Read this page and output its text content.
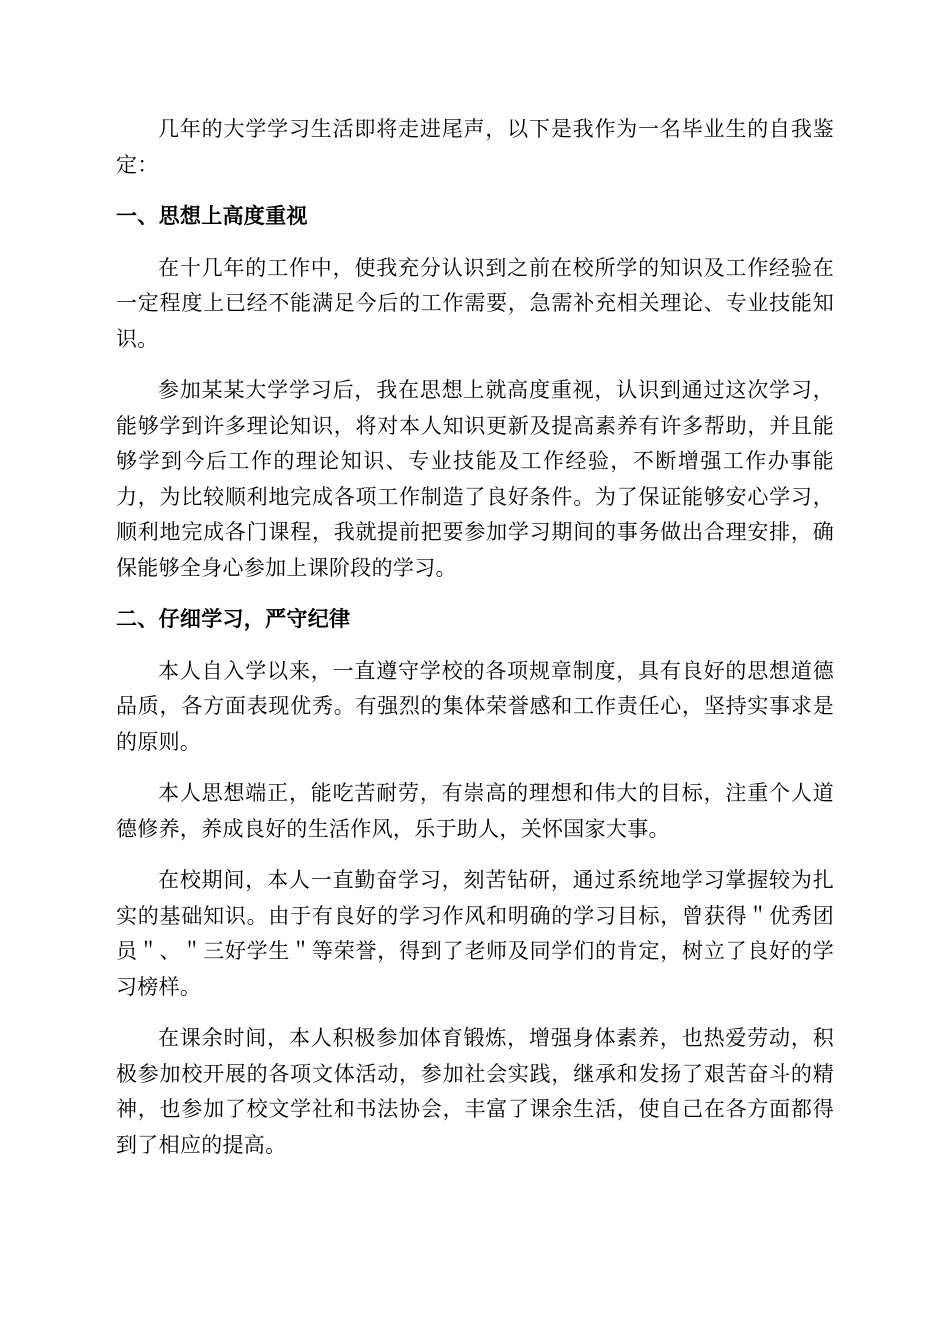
几年的大学学习生活即将走进尾声，以下是我作为一名毕业生的自我鉴定：

一、思想上高度重视

在十几年的工作中，使我充分认识到之前在校所学的知识及工作经验在一定程度上已经不能满足今后的工作需要，急需补充相关理论、专业技能知识。

参加某某大学学习后，我在思想上就高度重视，认识到通过这次学习，能够学到许多理论知识，将对本人知识更新及提高素养有许多帮助，并且能够学到今后工作的理论知识、专业技能及工作经验，不断增强工作办事能力，为比较顺利地完成各项工作制造了良好条件。为了保证能够安心学习，顺利地完成各门课程，我就提前把要参加学习期间的事务做出合理安排，确保能够全身心参加上课阶段的学习。

二、仔细学习，严守纪律

本人自入学以来，一直遵守学校的各项规章制度，具有良好的思想道德品质，各方面表现优秀。有强烈的集体荣誉感和工作责任心，坚持实事求是的原则。

本人思想端正，能吃苦耐劳，有崇高的理想和伟大的目标，注重个人道德修养，养成良好的生活作风，乐于助人，关怀国家大事。

在校期间，本人一直勤奋学习，刻苦钻研，通过系统地学习掌握较为扎实的基础知识。由于有良好的学习作风和明确的学习目标，曾获得＂优秀团员＂、＂三好学生＂等荣誉，得到了老师及同学们的肯定，树立了良好的学习榜样。

在课余时间，本人积极参加体育锻炼，增强身体素养，也热爱劳动，积极参加校开展的各项文体活动，参加社会实践，继承和发扬了艰苦奋斗的精神，也参加了校文学社和书法协会，丰富了课余生活，使自己在各方面都得到了相应的提高。
